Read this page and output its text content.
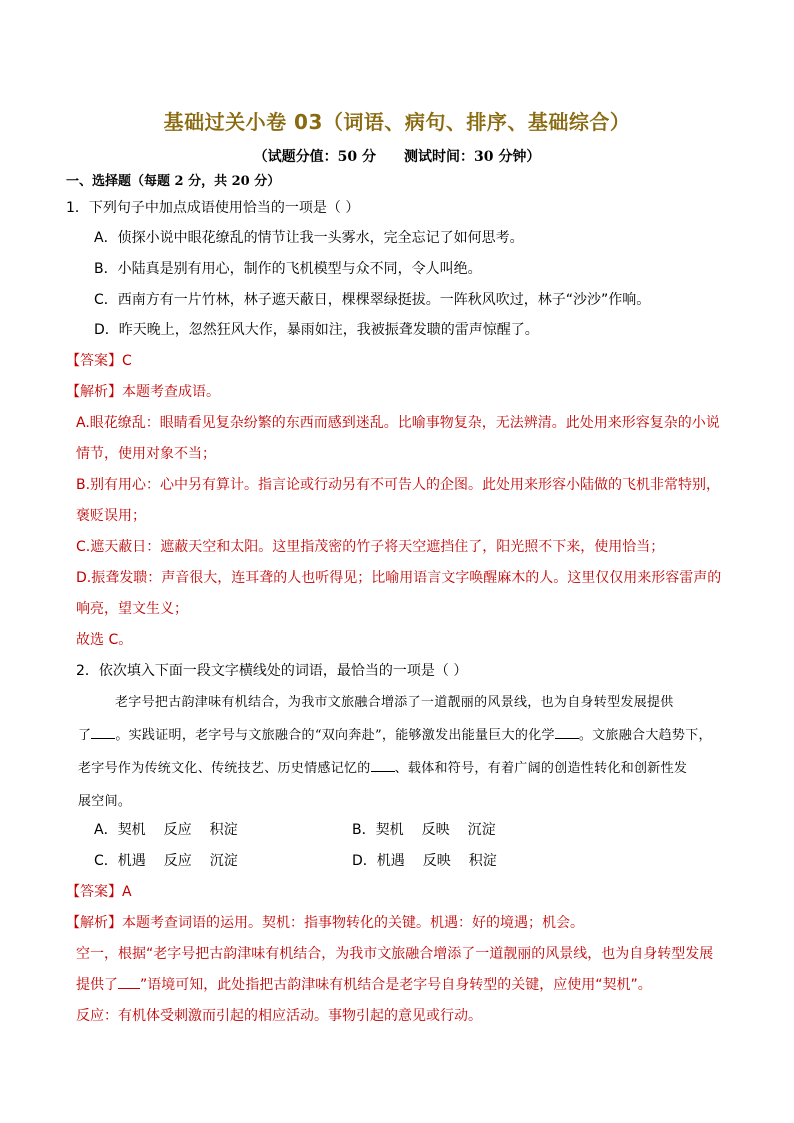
基础过关小卷 03（词语、病句、排序、基础综合）
（试题分值：50 分 测试时间：30 分钟）
一、选择题（每题 2 分，共 20 分）
1．下列句子中加点成语使用恰当的一项是（ ）
A．侦探小说中眼花缭乱的情节让我一头雾水，完全忘记了如何思考。
B．小陆真是别有用心，制作的飞机模型与众不同，令人叫绝。
C．西南方有一片竹林，林子遮天蔽日，棵棵翠绿挺拔。一阵秋风吹过，林子“沙沙”作响。
D．昨天晚上，忽然狂风大作，暴雨如注，我被振聋发聩的雷声惊醒了。
【答案】C
【解析】本题考查成语。
A.眼花缭乱：眼睛看见复杂纷繁的东西而感到迷乱。比喻事物复杂，无法辨清。此处用来形容复杂的小说
情节，使用对象不当；
B.别有用心：心中另有算计。指言论或行动另有不可告人的企图。此处用来形容小陆做的飞机非常特别，
褒贬误用；
C.遮天蔽日：遮蔽天空和太阳。这里指茂密的竹子将天空遮挡住了，阳光照不下来，使用恰当；
D.振聋发聩：声音很大，连耳聋的人也听得见；比喻用语言文字唤醒麻木的人。这里仅仅用来形容雷声的
响亮，望文生义；
故选 C。
2．依次填入下面一段文字横线处的词语，最恰当的一项是（ ）
老字号把古韵津味有机结合，为我市文旅融合增添了一道靓丽的风景线，也为自身转型发展提供
了 。实践证明，老字号与文旅融合的“双向奔赴”，能够激发出能量巨大的化学 。文旅融合大趋势下，
老字号作为传统文化、传统技艺、历史情感记忆的 、载体和符号，有着广阔的创造性转化和创新性发
展空间。
A．契机 反应 积淀	B．契机 反映 沉淀
C．机遇 反应 沉淀	D．机遇 反映 积淀
【答案】A
【解析】本题考查词语的运用。契机：指事物转化的关键。机遇：好的境遇；机会。
空一，根据“老字号把古韵津味有机结合，为我市文旅融合增添了一道靓丽的风景线，也为自身转型发展
提供了 ”语境可知，此处指把古韵津味有机结合是老字号自身转型的关键，应使用“契机”。
反应：有机体受刺激而引起的相应活动。事物引起的意见或行动。
